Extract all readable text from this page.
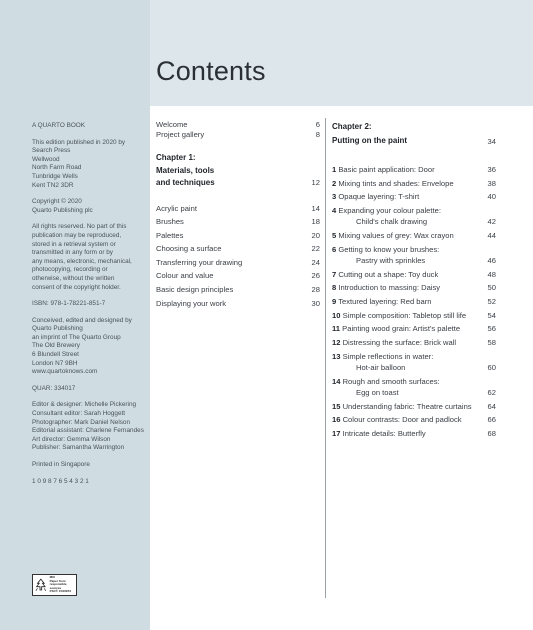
Contents

A QUARTO BOOK

This edition published in 2020 by
Search Press
Wellwood
North Farm Road
Tunbridge Wells
Kent TN2 3DR

Copyright © 2020
Quarto Publishing plc

All rights reserved. No part of this
publication may be reproduced,
stored in a retrieval system or
transmitted in any form or by
any means, electronic, mechanical,
photocopying, recording or
otherwise, without the written
consent of the copyright holder.

ISBN: 978-1-78221-851-7

Conceived, edited and designed by
Quarto Publishing
an imprint of The Quarto Group
The Old Brewery
6 Blundell Street
London N7 9BH
www.quartoknows.com

QUAR: 334017

Editor & designer: Michelle Pickering
Consultant editor: Sarah Hoggett
Photographer: Mark Daniel Nelson
Editorial assistant: Charlene Fernandes
Art director: Gemma Wilson
Publisher: Samantha Warrington

Printed in Singapore

1 0 9 8 7 6 5 4 3 2 1

MIX
Paper from
responsible sources
FSC® C016973
Welcome	6
Project gallery	8
Chapter 1:
Materials, tools
and techniques	12
Acrylic paint	14
Brushes	18
Palettes	20
Choosing a surface	22
Transferring your drawing	24
Colour and value	26
Basic design principles	28
Displaying your work	30
Chapter 2:
Putting on the paint	34
1 Basic paint application: Door	36
2 Mixing tints and shades: Envelope	38
3 Opaque layering: T-shirt	40
4 Expanding your colour palette:
Child's chalk drawing	42
5 Mixing values of grey: Wax crayon	44
6 Getting to know your brushes:
Pastry with sprinkles	46
7 Cutting out a shape: Toy duck	48
8 Introduction to massing: Daisy	50
9 Textured layering: Red barn	52
10 Simple composition: Tabletop still life	54
11 Painting wood grain: Artist's palette	56
12 Distressing the surface: Brick wall	58
13 Simple reflections in water:
Hot-air balloon	60
14 Rough and smooth surfaces:
Egg on toast	62
15 Understanding fabric: Theatre curtains	64
16 Colour contrasts: Door and padlock	66
17 Intricate details: Butterfly	68
